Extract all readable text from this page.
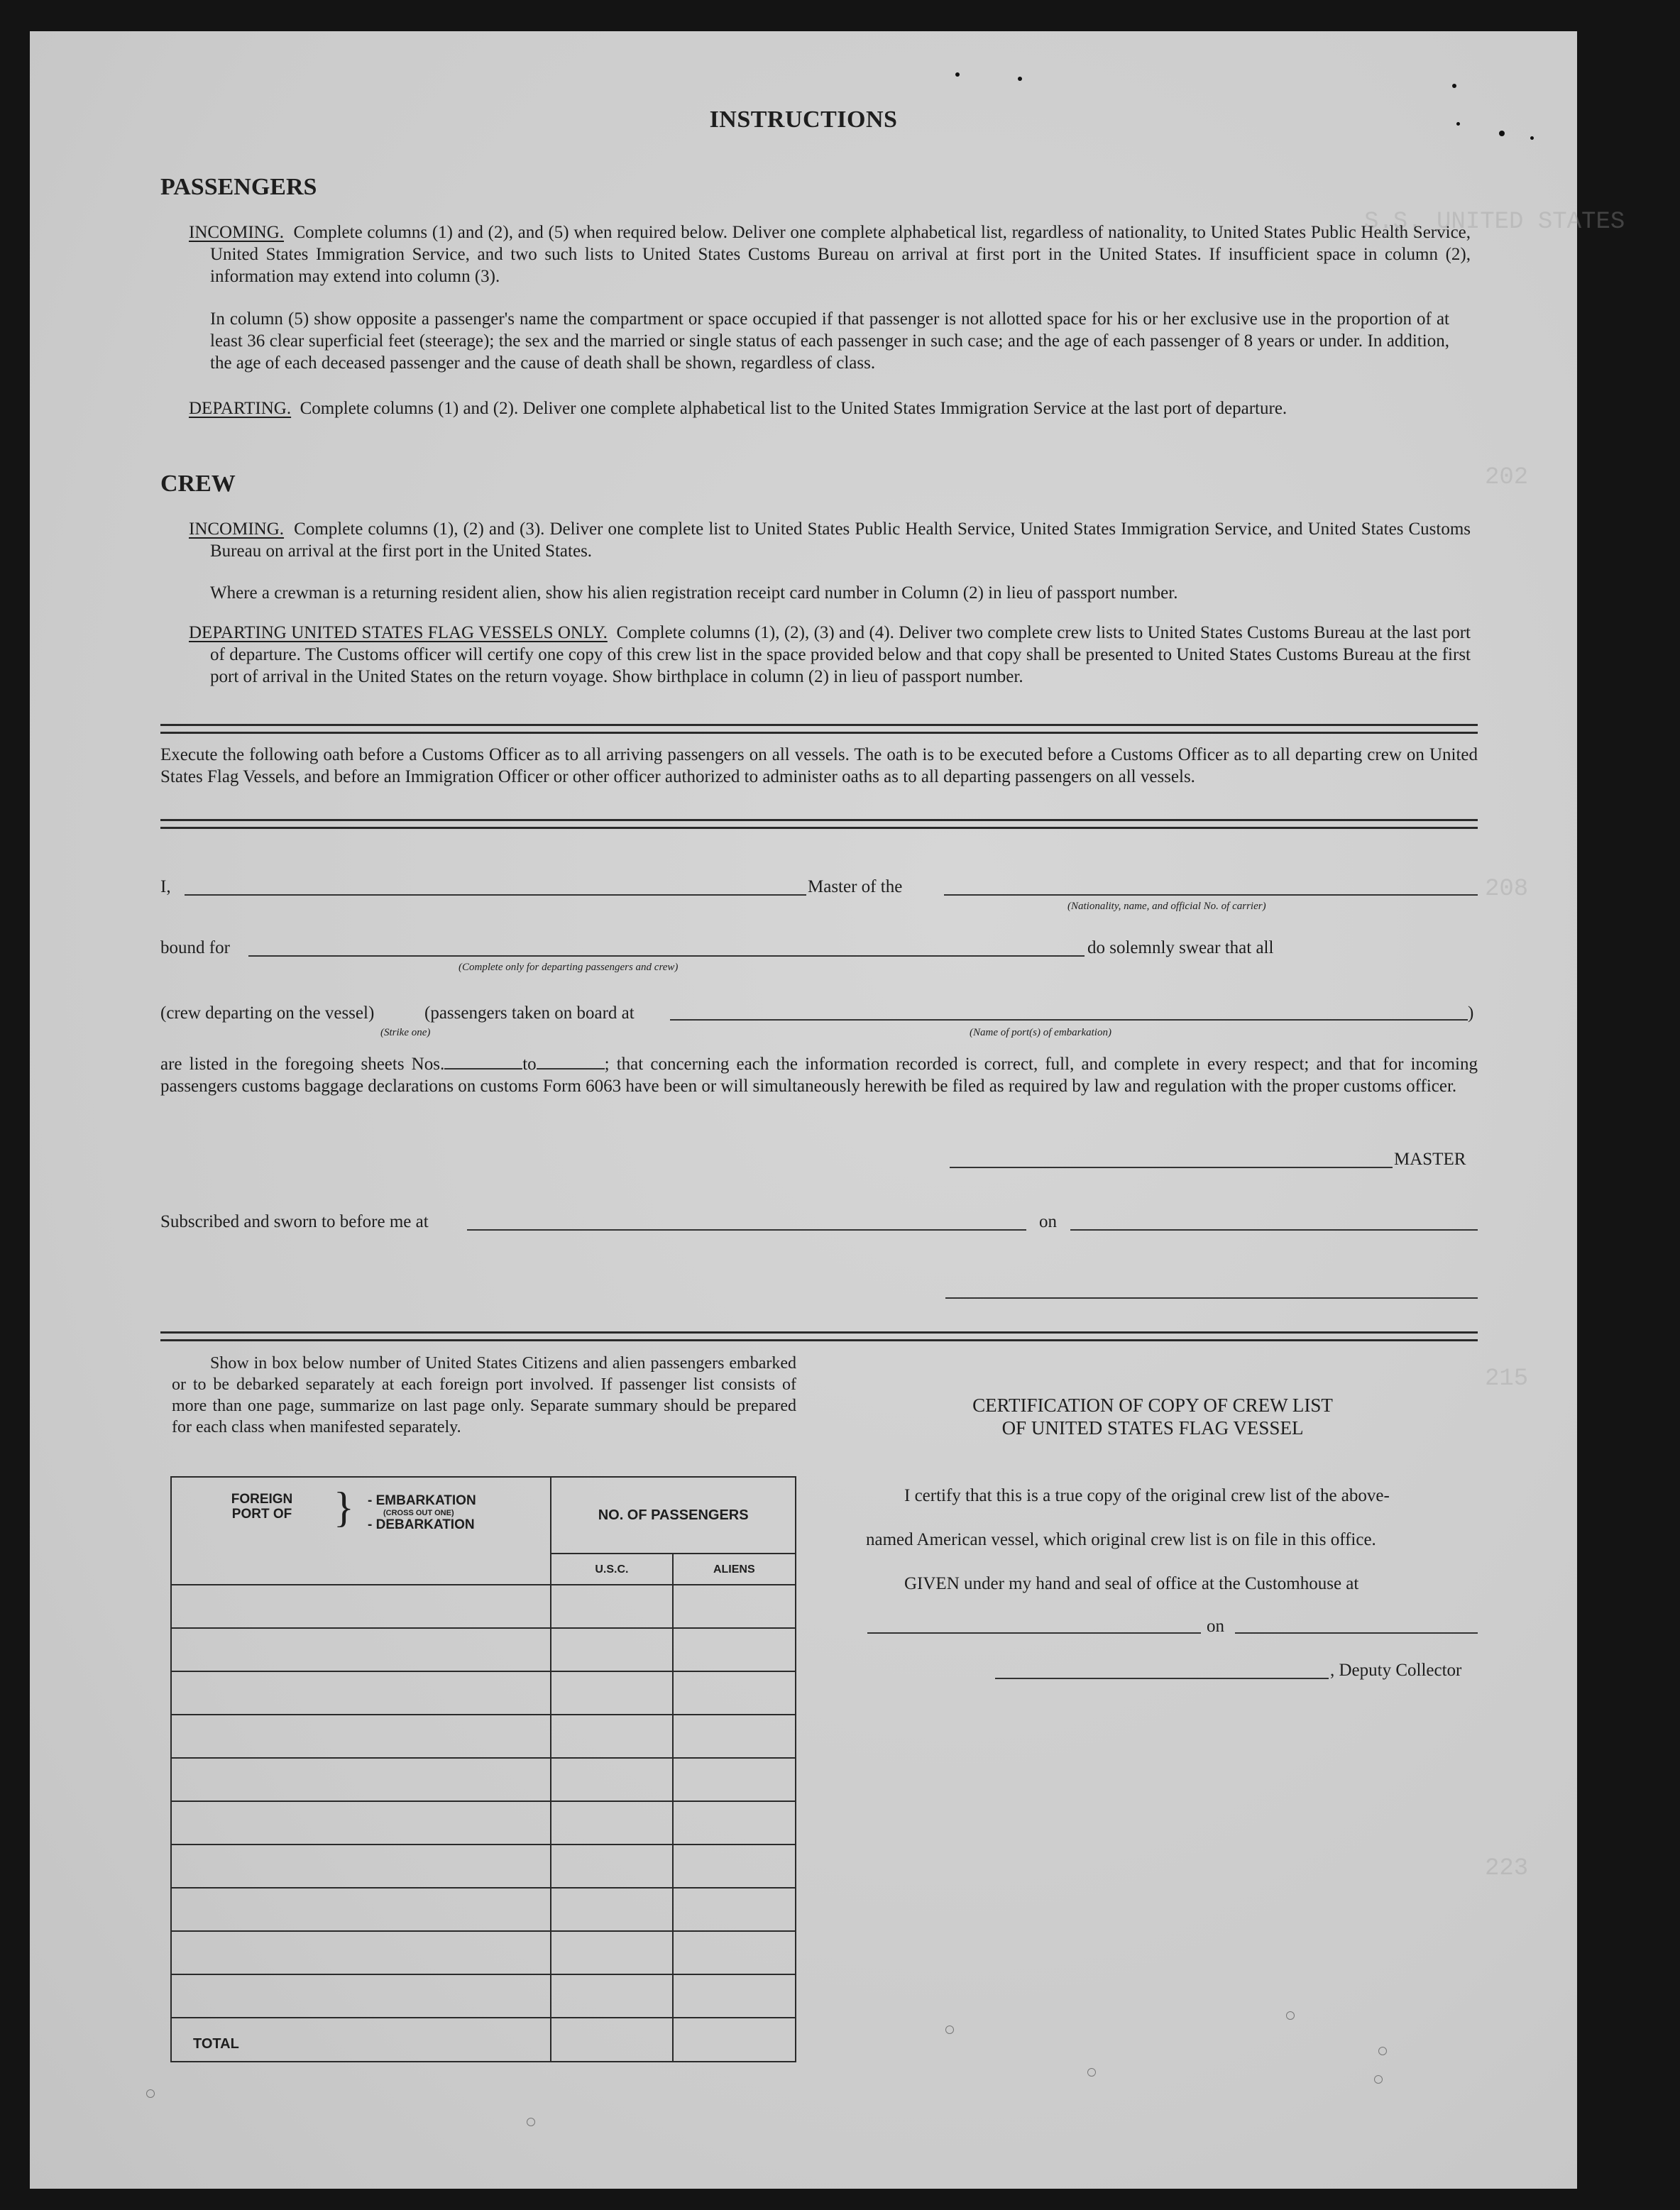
S.S. UNITED STATES
202
208
215
223
INSTRUCTIONS
PASSENGERS
INCOMING. Complete columns (1) and (2), and (5) when required below. Deliver one complete alphabetical list, regardless of nationality, to United States Public Health Service, United States Immigration Service, and two such lists to United States Customs Bureau on arrival at first port in the United States. If insufficient space in column (2), information may extend into column (3).
In column (5) show opposite a passenger's name the compartment or space occupied if that passenger is not allotted space for his or her exclusive use in the proportion of at least 36 clear superficial feet (steerage); the sex and the married or single status of each passenger in such case; and the age of each passenger of 8 years or under. In addition, the age of each deceased passenger and the cause of death shall be shown, regardless of class.
DEPARTING. Complete columns (1) and (2). Deliver one complete alphabetical list to the United States Immigration Service at the last port of departure.
CREW
INCOMING. Complete columns (1), (2) and (3). Deliver one complete list to United States Public Health Service, United States Immigration Service, and United States Customs Bureau on arrival at the first port in the United States.
Where a crewman is a returning resident alien, show his alien registration receipt card number in Column (2) in lieu of passport number.
DEPARTING UNITED STATES FLAG VESSELS ONLY. Complete columns (1), (2), (3) and (4). Deliver two complete crew lists to United States Customs Bureau at the last port of departure. The Customs officer will certify one copy of this crew list in the space provided below and that copy shall be presented to United States Customs Bureau at the first port of arrival in the United States on the return voyage. Show birthplace in column (2) in lieu of passport number.
Execute the following oath before a Customs Officer as to all arriving passengers on all vessels. The oath is to be executed before a Customs Officer as to all departing crew on United States Flag Vessels, and before an Immigration Officer or other officer authorized to administer oaths as to all departing passengers on all vessels.
I,	Master of the
(Nationality, name, and official No. of carrier)
bound for
(Complete only for departing passengers and crew)
do solemnly swear that all
(crew departing on the vessel)	(passengers taken on board at
(Strike one)
)
(Name of port(s) of embarkation)
are listed in the foregoing sheets Nos.	to	; that concerning each the information recorded is correct, full, and complete in every respect; and that for incoming passengers customs baggage declarations on customs Form 6063 have been or will simultaneously herewith be filed as required by law and regulation with the proper customs officer.
MASTER
Subscribed and sworn to before me at	on
Show in box below number of United States Citizens and alien passengers embarked or to be debarked separately at each foreign port involved. If passenger list consists of more than one page, summarize on last page only. Separate summary should be prepared for each class when manifested separately.
FOREIGN PORT OF } - EMBARKATION
(CROSS OUT ONE)
- DEBARKATION	NO. OF PASSENGERS	
	U.S.C.	ALIENS

TOTAL		
CERTIFICATION OF COPY OF CREW LIST
OF UNITED STATES FLAG VESSEL
I certify that this is a true copy of the original crew list of the above-
named American vessel, which original crew list is on file in this office.
GIVEN under my hand and seal of office at the Customhouse at
on
, Deputy Collector
